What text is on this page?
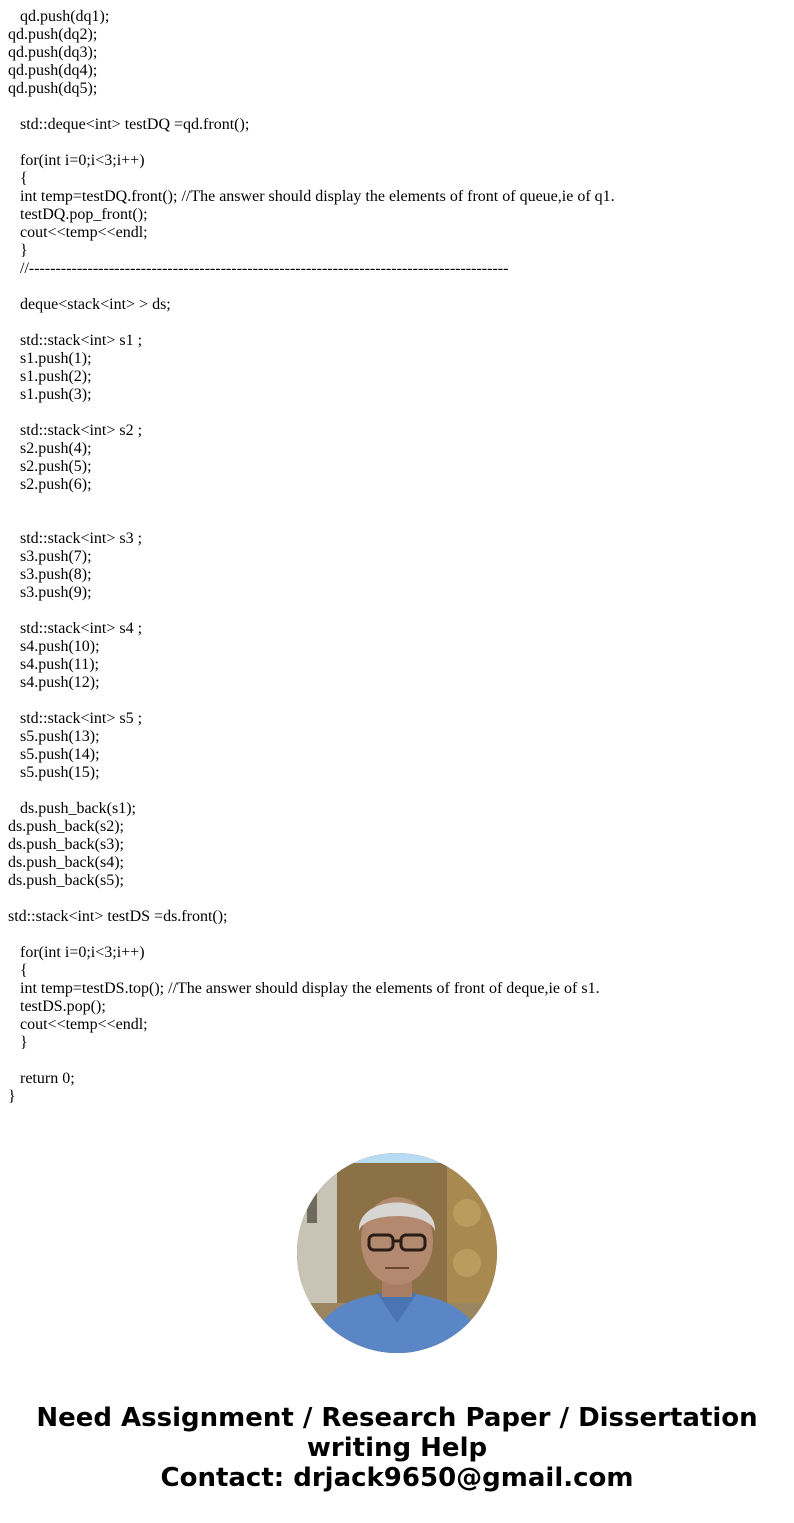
qd.push(dq1);
qd.push(dq2);
qd.push(dq3);
qd.push(dq4);
qd.push(dq5);
std::deque<int> testDQ =qd.front();
for(int i=0;i<3;i++)
{
int temp=testDQ.front(); //The answer should display the elements of front of queue,ie of q1.
testDQ.pop_front();
cout<<temp<<endl;
}
//------------------------------------------------------------------------------------------
deque<stack<int> > ds;
std::stack<int> s1 ;
s1.push(1);
s1.push(2);
s1.push(3);
std::stack<int> s2 ;
s2.push(4);
s2.push(5);
s2.push(6);
std::stack<int> s3 ;
s3.push(7);
s3.push(8);
s3.push(9);
std::stack<int> s4 ;
s4.push(10);
s4.push(11);
s4.push(12);
std::stack<int> s5 ;
s5.push(13);
s5.push(14);
s5.push(15);
ds.push_back(s1);
ds.push_back(s2);
ds.push_back(s3);
ds.push_back(s4);
ds.push_back(s5);
std::stack<int> testDS =ds.front();
for(int i=0;i<3;i++)
{
int temp=testDS.top(); //The answer should display the elements of front of deque,ie of s1.
testDS.pop();
cout<<temp<<endl;
}
return 0;
}
Need Assignment / Research Paper / Dissertation
writing Help
Contact: drjack9650@gmail.com
